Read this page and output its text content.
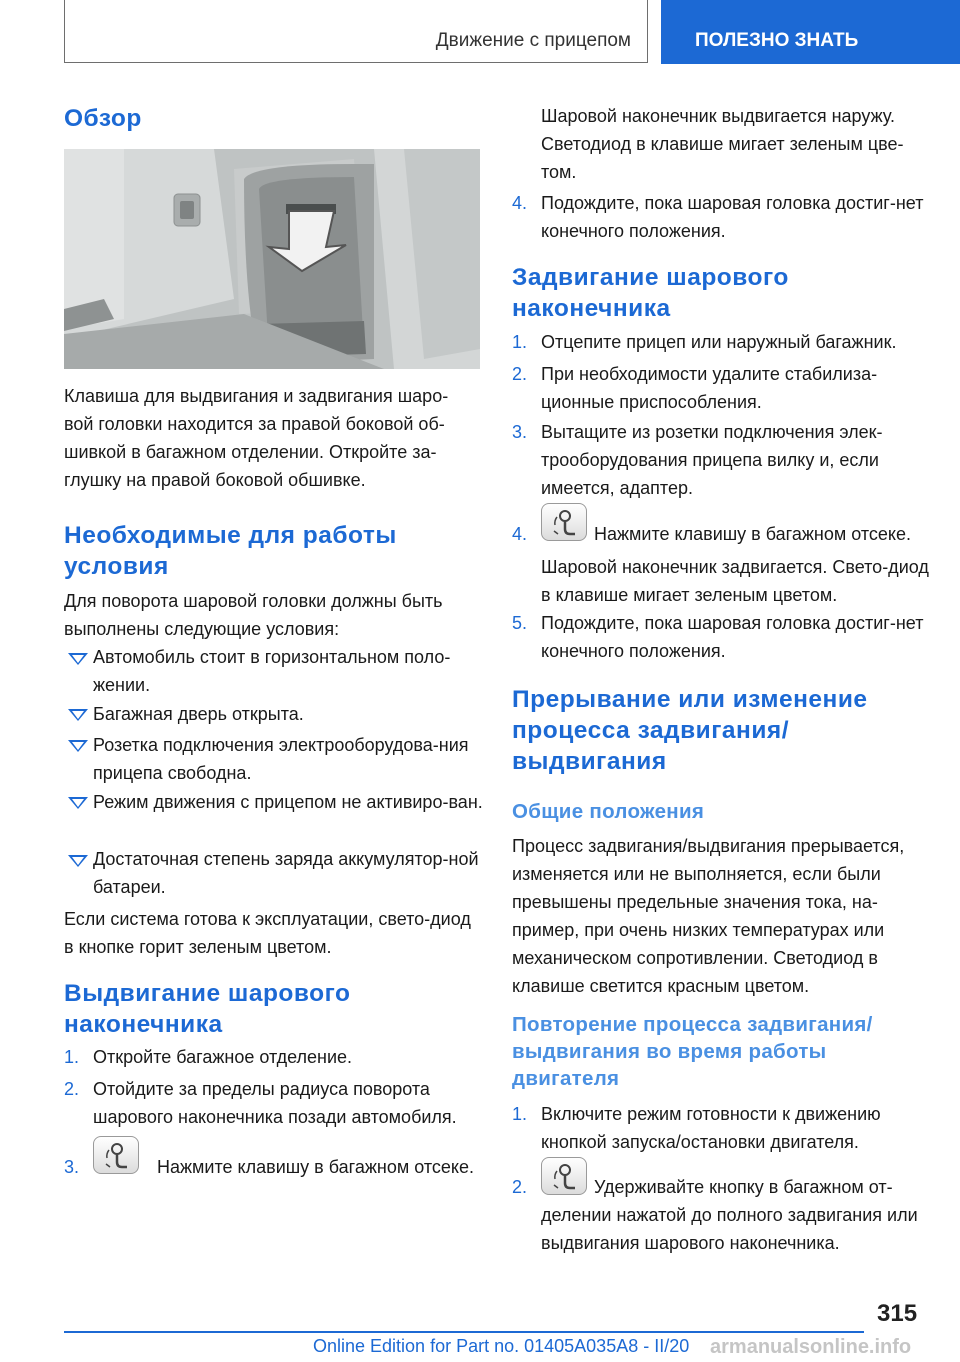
Движение с прицепом	ПОЛЕЗНО ЗНАТЬ
Обзор

Клавиша для выдвигания и задвигания шаро-вой головки находится за правой боковой об-шивкой в багажном отделении. Откройте за-глушку на правой боковой обшивке.

Необходимые для работы условия

Для поворота шаровой головки должны быть выполнены следующие условия:

Автомобиль стоит в горизонтальном поло-жении.

Багажная дверь открыта.

Розетка подключения электрооборудова-ния прицепа свободна.

Режим движения с прицепом не активиро-ван.

Достаточная степень заряда аккумулятор-ной батареи.

Если система готова к эксплуатации, свето-диод в кнопке горит зеленым цветом.

Выдвигание шарового наконечника
1. Откройте багажное отделение.

2. Отойдите за пределы радиуса поворота шарового наконечника позади автомобиля.

3.	Нажмите клавишу в багажном отсеке.

Шаровой наконечник выдвигается наружу. Светодиод в клавише мигает зеленым цве-том.

4. Подождите, пока шаровая головка достиг-нет конечного положения.

Задвигание шарового наконечника
1. Отцепите прицеп или наружный багажник.

2. При необходимости удалите стабилиза-ционные приспособления.

3. Вытащите из розетки подключения элек-трооборудования прицепа вилку и, если имеется, адаптер.

4.	Нажмите клавишу в багажном отсеке.

Шаровой наконечник задвигается. Свето-диод в клавише мигает зеленым цветом.

5. Подождите, пока шаровая головка достиг-нет конечного положения.

Прерывание или изменение процесса задвигания/выдвигания
Общие положения

Процесс задвигания/выдвигания прерывается, изменяется или не выполняется, если были превышены предельные значения тока, на-пример, при очень низких температурах или механическом сопротивлении. Светодиод в клавише светится красным цветом.

Повторение процесса задвигания/выдвигания во время работы двигателя
1. Включите режим готовности к движению кнопкой запуска/остановки двигателя.

2.	Удерживайте кнопку в багажном от-делении нажатой до полного задвигания или выдвигания шарового наконечника.

315
Online Edition for Part no. 01405A035A8 - II/20 armanualsonline.info
